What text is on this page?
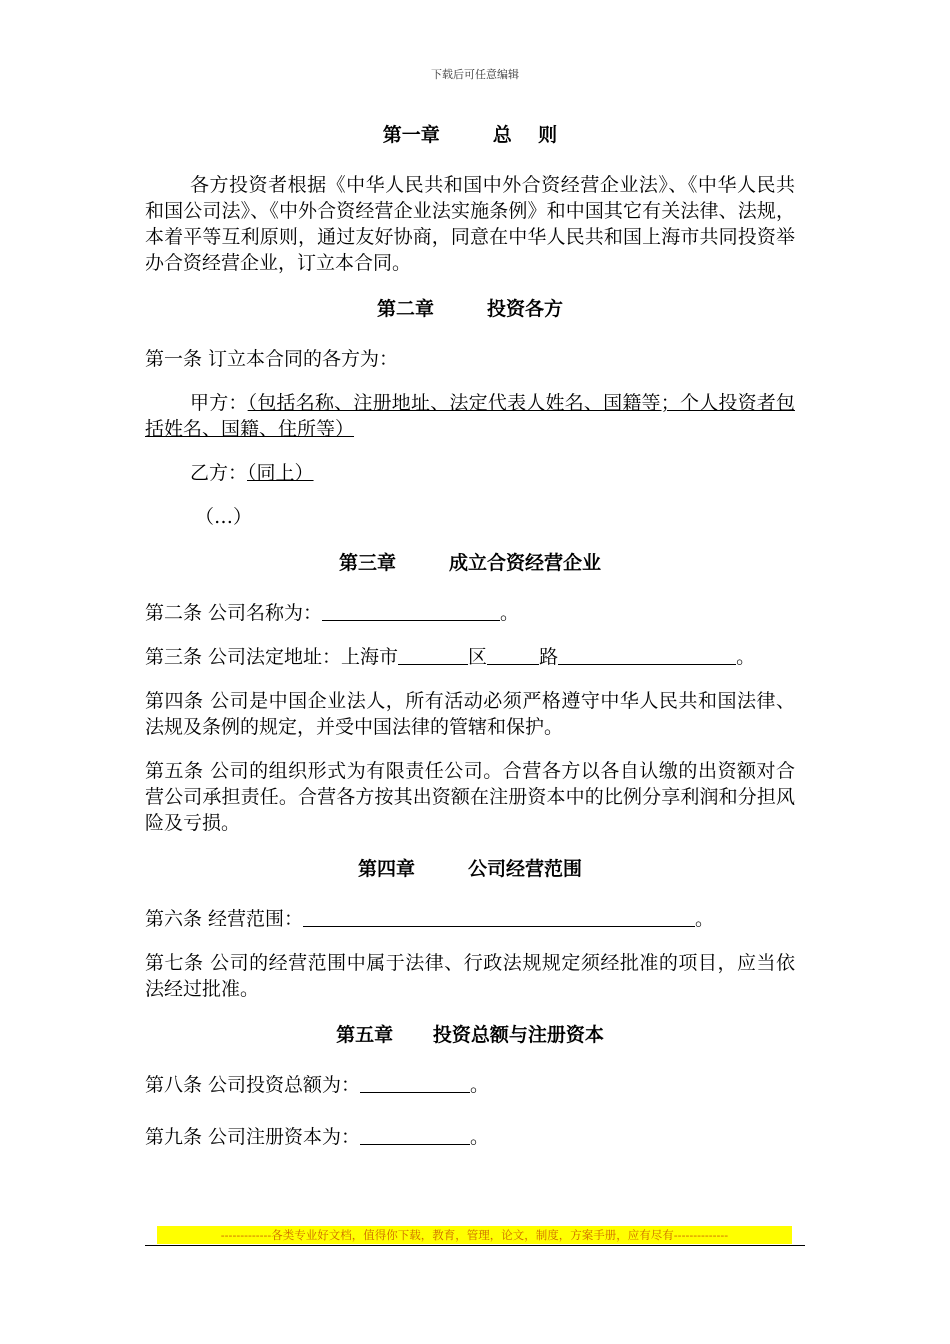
下载后可任意编辑
第一章        总    则

各方投资者根据《中华人民共和国中外合资经营企业法》、《中华人民共和国公司法》、《中外合资经营企业法实施条例》和中国其它有关法律、法规，本着平等互利原则，通过友好协商，同意在中华人民共和国上海市共同投资举办合资经营企业，订立本合同。

第二章        投资各方

第一条 订立本合同的各方为：

甲方：（包括名称、注册地址、法定代表人姓名、国籍等；个人投资者包括姓名、国籍、住所等）

乙方：（同上）

（…）

第三章        成立合资经营企业

第二条 公司名称为：	。

第三条 公司法定地址：上海市	区	路	。

第四条 公司是中国企业法人，所有活动必须严格遵守中华人民共和国法律、法规及条例的规定，并受中国法律的管辖和保护。

第五条 公司的组织形式为有限责任公司。合营各方以各自认缴的出资额对合营公司承担责任。合营各方按其出资额在注册资本中的比例分享利润和分担风险及亏损。

第四章        公司经营范围

第六条 经营范围：	。

第七条 公司的经营范围中属于法律、行政法规规定须经批准的项目，应当依法经过批准。

第五章      投资总额与注册资本

第八条 公司投资总额为：	。

第九条 公司注册资本为：	。

-------------各类专业好文档，值得你下载，教育，管理，论文，制度，方案手册，应有尽有--------------
